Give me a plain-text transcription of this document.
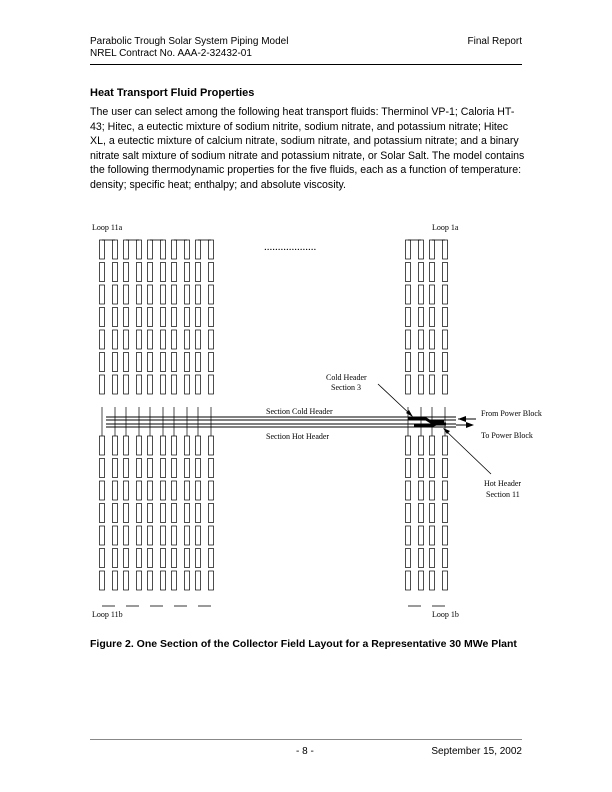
Parabolic Trough Solar System Piping Model
NREL Contract No. AAA-2-32432-01
Final Report
Heat Transport Fluid Properties

The user can select among the following heat transport fluids: Therminol VP-1; Caloria HT-43; Hitec, a eutectic mixture of sodium nitrite, sodium nitrate, and potassium nitrate; Hitec XL, a eutectic mixture of calcium nitrate, sodium nitrate, and potassium nitrate; and a binary nitrate salt mixture of sodium nitrate and potassium nitrate, or Solar Salt. The model contains the following thermodynamic properties for the five fluids, each as a function of temperature: density; specific heat; enthalpy; and absolute viscosity.

Loop 11a	Loop 1a
Loop 11b	Loop 1b
...................
Cold Header
Section 3
Section Cold Header
Section Hot Header
From Power Block
To Power Block
Hot Header
Section 11
Figure 2. One Section of the Collector Field Layout for a Representative 30 MWe Plant
- 8 -	September 15, 2002
